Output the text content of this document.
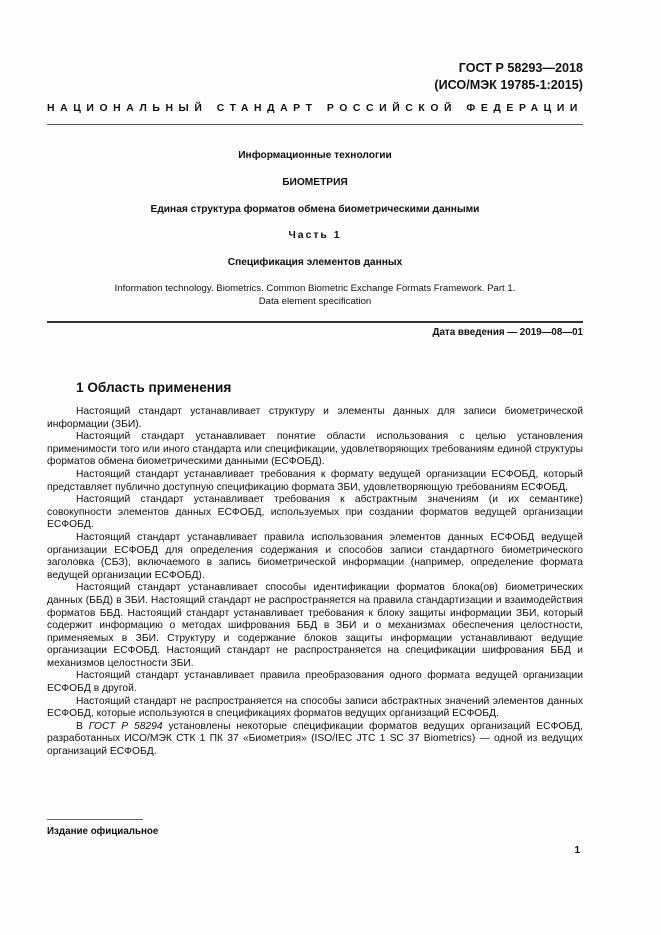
ГОСТ Р 58293—2018
(ИСО/МЭК 19785-1:2015)
НАЦИОНАЛЬНЫЙ СТАНДАРТ РОССИЙСКОЙ ФЕДЕРАЦИИ
Информационные технологии
БИОМЕТРИЯ
Единая структура форматов обмена биометрическими данными
Часть 1
Спецификация элементов данных
Information technology. Biometrics. Common Biometric Exchange Formats Framework. Part 1.
Data element specification
Дата введения — 2019—08—01
1 Область применения

Настоящий стандарт устанавливает структуру и элементы данных для записи биометрической информации (ЗБИ).

Настоящий стандарт устанавливает понятие области использования с целью установления применимости того или иного стандарта или спецификации, удовлетворяющих требованиям единой структуры форматов обмена биометрическими данными (ЕСФОБД).

Настоящий стандарт устанавливает требования к формату ведущей организации ЕСФОБД, который представляет публично доступную спецификацию формата ЗБИ, удовлетворяющую требованиям ЕСФОБД.

Настоящий стандарт устанавливает требования к абстрактным значениям (и их семантике) совокупности элементов данных ЕСФОБД, используемых при создании форматов ведущей организации ЕСФОБД.

Настоящий стандарт устанавливает правила использования элементов данных ЕСФОБД ведущей организации ЕСФОБД для определения содержания и способов записи стандартного биометрического заголовка (СБЗ), включаемого в запись биометрической информации (например, определение формата ведущей организации ЕСФОБД).

Настоящий стандарт устанавливает способы идентификации форматов блока(ов) биометрических данных (ББД) в ЗБИ. Настоящий стандарт не распространяется на правила стандартизации и взаимодействия форматов ББД. Настоящий стандарт устанавливает требования к блоку защиты информации ЗБИ, который содержит информацию о методах шифрования ББД в ЗБИ и о механизмах обеспечения целостности, применяемых в ЗБИ. Структуру и содержание блоков защиты информации устанавливают ведущие организации ЕСФОБД. Настоящий стандарт не распространяется на спецификации шифрования ББД и механизмов целостности ЗБИ.

Настоящий стандарт устанавливает правила преобразования одного формата ведущей организации ЕСФОБД в другой.

Настоящий стандарт не распространяется на способы записи абстрактных значений элементов данных ЕСФОБД, которые используются в спецификациях форматов ведущих организаций ЕСФОБД.

В ГОСТ Р 58294 установлены некоторые спецификации форматов ведущих организаций ЕСФОБД, разработанных ИСО/МЭК СТК 1 ПК 37 «Биометрия» (ISO/IEC JTC 1 SC 37 Biometrics) — одной из ведущих организаций ЕСФОБД.

Издание официальное
1
